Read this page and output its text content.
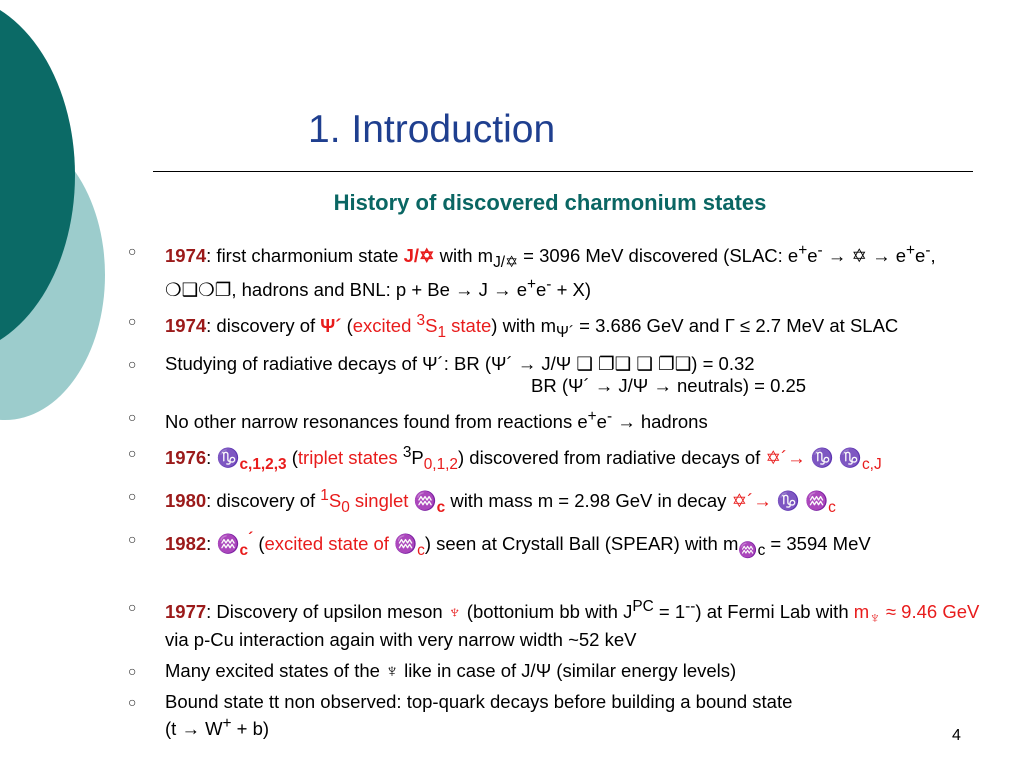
1. Introduction
History of discovered charmonium states
○ 1974: first charmonium state J/✡ with $m_{J/✡} = 3096$ MeV discovered (SLAC: e+e- → ✡ → e+e-, ❍❑❍❐, hadrons and BNL: p + Be → J → e+e- + X)
○ 1974: discovery of Ψ´ (excited $^3S_1$ state) with $m_{\Psi´} = 3.686$ GeV and Γ ≤ 2.7 MeV at SLAC
○ Studying of radiative decays of Ψ´: BR (Ψ´ → J/Ψ ❑ ❐❑ ❑ ❐❑) = 0.32
BR (Ψ´ → J/Ψ → neutrals) = 0.25
○ No other narrow resonances found from reactions e+e- → hadrons
○ 1976: $♑_{c,1,2,3}$ (triplet states $^3P_{0,1,2}$) discovered from radiative decays of ✡´→ ♑ $♑_{c,J}$
○ 1980: discovery of $^1S_0$ singlet $♒_c$ with mass m = 2.98 GeV in decay ✡´→ ♑ $♒_c$
○ 1982: $♒_c^´$ (excited state of $♒_c$) seen at Crystall Ball (SPEAR) with $m_{♒c} = 3594$ MeV
○ 1977: Discovery of upsilon meson ♆ (bottonium bb with $J^{PC} = 1^{--}$) at Fermi Lab with $m_♆ \approx 9.46$ GeV via p-Cu interaction again with very narrow width ~52 keV
○ Many excited states of the ♆ like in case of J/Ψ (similar energy levels)
○ Bound state tt non observed: top-quark decays before building a bound state
(t → W+ + b)	4
